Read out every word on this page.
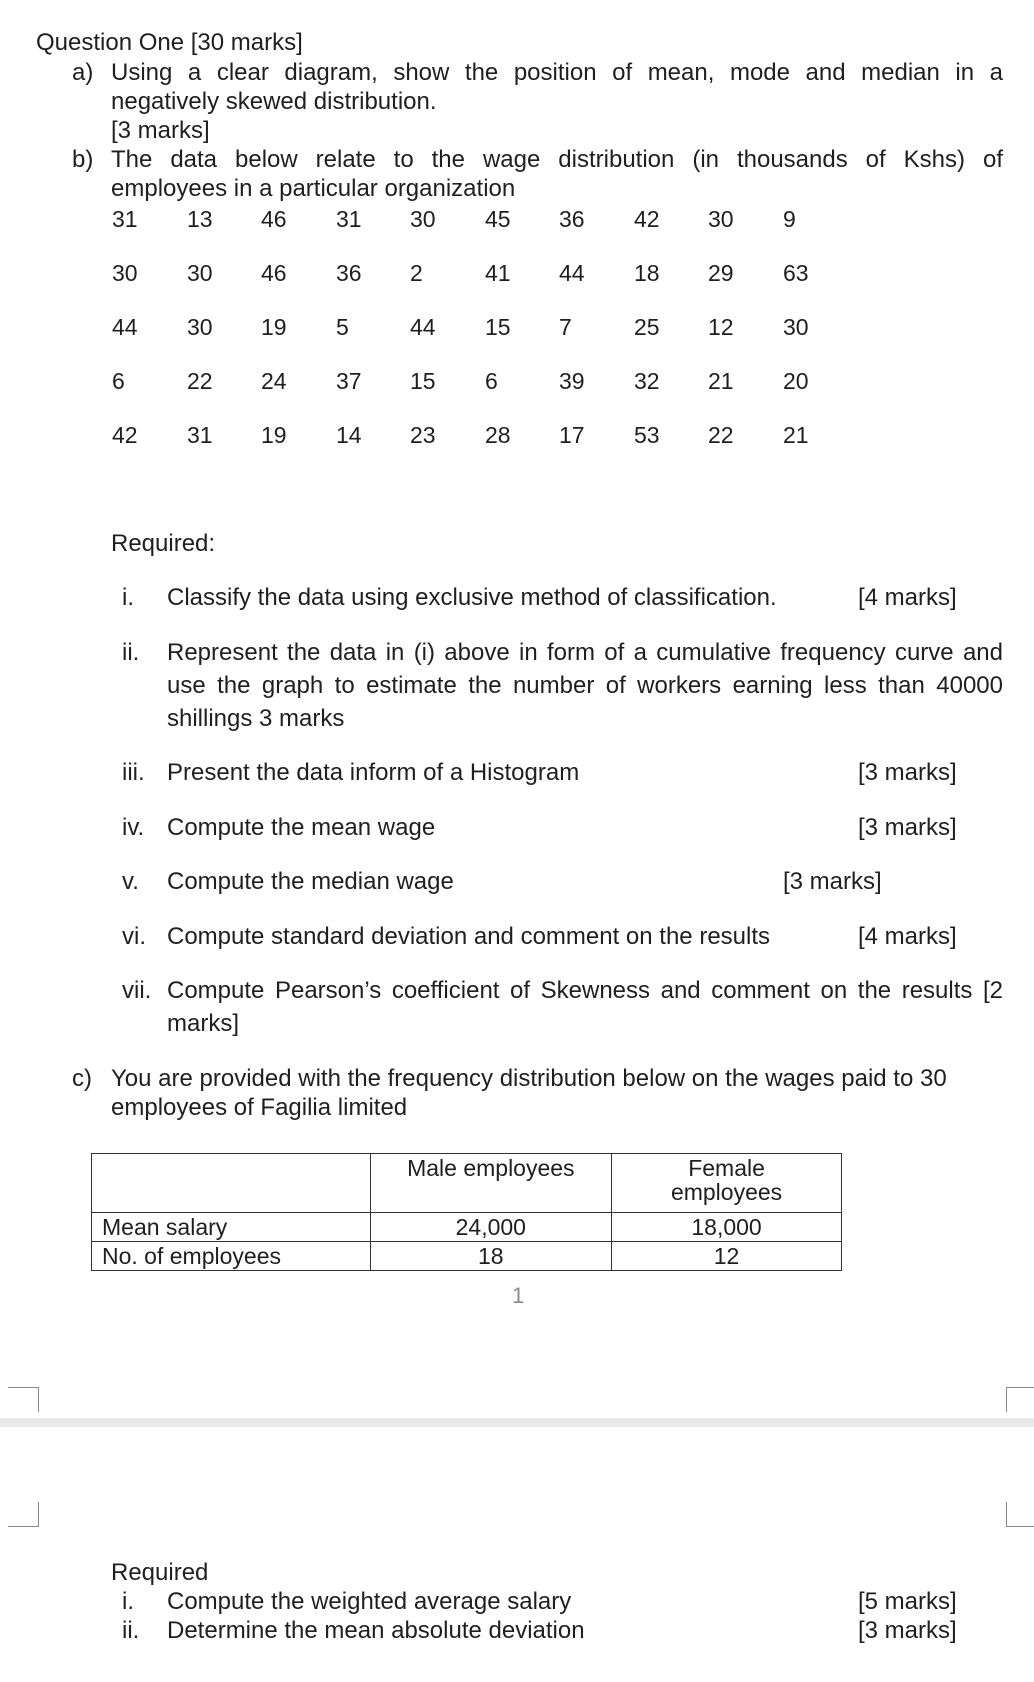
Question One [30 marks]
a) Using a clear diagram, show the position of mean, mode and median in a
negatively skewed distribution.
[3 marks]
b) The data below relate to the wage distribution (in thousands of Kshs) of
employees in a particular organization
31 13 46 31 30 45 36 42 30 9
30 30 46 36 2	41 44 18 29 63
44 30 19 5	44 15 7	25 12 30
6	22 24 37 15 6	39 32 21 20
42 31 19 14 23 28 17 53 22 21
Required:
i. Classify the data using exclusive method of classification.	[4 marks]
ii. Represent the data in (i) above in form of a cumulative frequency curve and
use the graph to estimate the number of workers earning less than 40000
shillings 3 marks
iii. Present the data inform of a Histogram	[3 marks]
iv. Compute the mean wage	[3 marks]
v. Compute the median wage	[3 marks]
vi. Compute standard deviation and comment on the results	[4 marks]
vii. Compute Pearson’s coefficient of Skewness and comment on the results [2
marks]
c) You are provided with the frequency distribution below on the wages paid to 30
employees of Fagilia limited
	Male employees	Female employees
Mean salary	24,000	18,000
No. of employees	18	12
1
Required
i. Compute the weighted average salary	[5 marks]
ii. Determine the mean absolute deviation	[3 marks]
